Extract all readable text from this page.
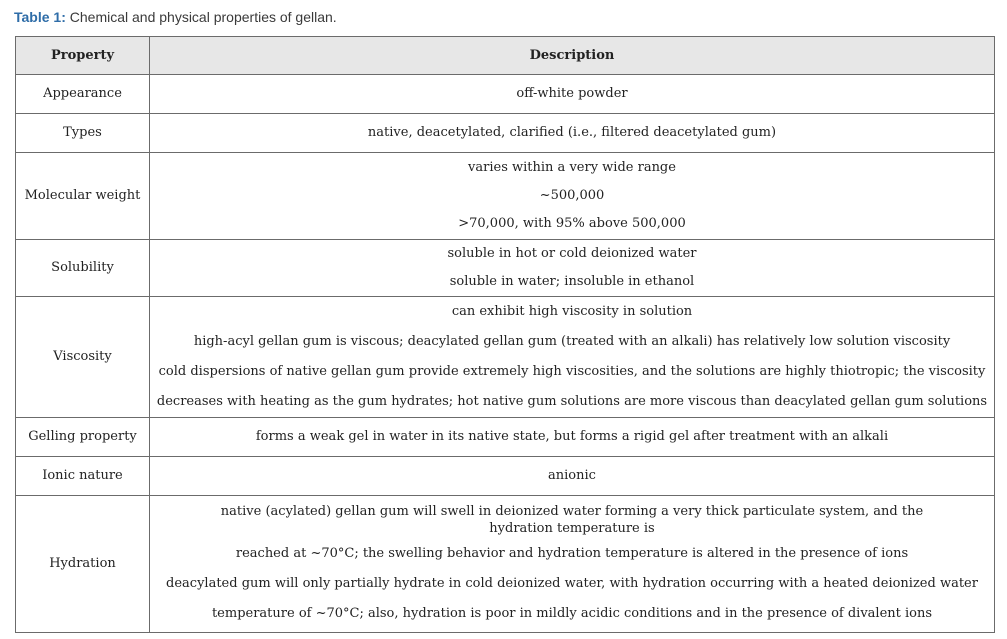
Table 1: Chemical and physical properties of gellan.
Property	Description
Appearance	off-white powder

Types	native, deacetylated, clarified (i.e., filtered deacetylated gum)

Molecular weight	varies within a very wide range
~500,000
>70,000, with 95% above 500,000

Solubility	soluble in hot or cold deionized water
soluble in water; insoluble in ethanol

Viscosity	can exhibit high viscosity in solution
high-acyl gellan gum is viscous; deacylated gellan gum (treated with an alkali) has relatively low solution viscosity
cold dispersions of native gellan gum provide extremely high viscosities, and the solutions are highly thiotropic; the viscosity
decreases with heating as the gum hydrates; hot native gum solutions are more viscous than deacylated gellan gum solutions

Gelling property	forms a weak gel in water in its native state, but forms a rigid gel after treatment with an alkali

Ionic nature	anionic

Hydration	native (acylated) gellan gum will swell in deionized water forming a very thick particulate system, and the hydration temperature is
reached at ~70°C; the swelling behavior and hydration temperature is altered in the presence of ions
deacylated gum will only partially hydrate in cold deionized water, with hydration occurring with a heated deionized water
temperature of ~70°C; also, hydration is poor in mildly acidic conditions and in the presence of divalent ions
